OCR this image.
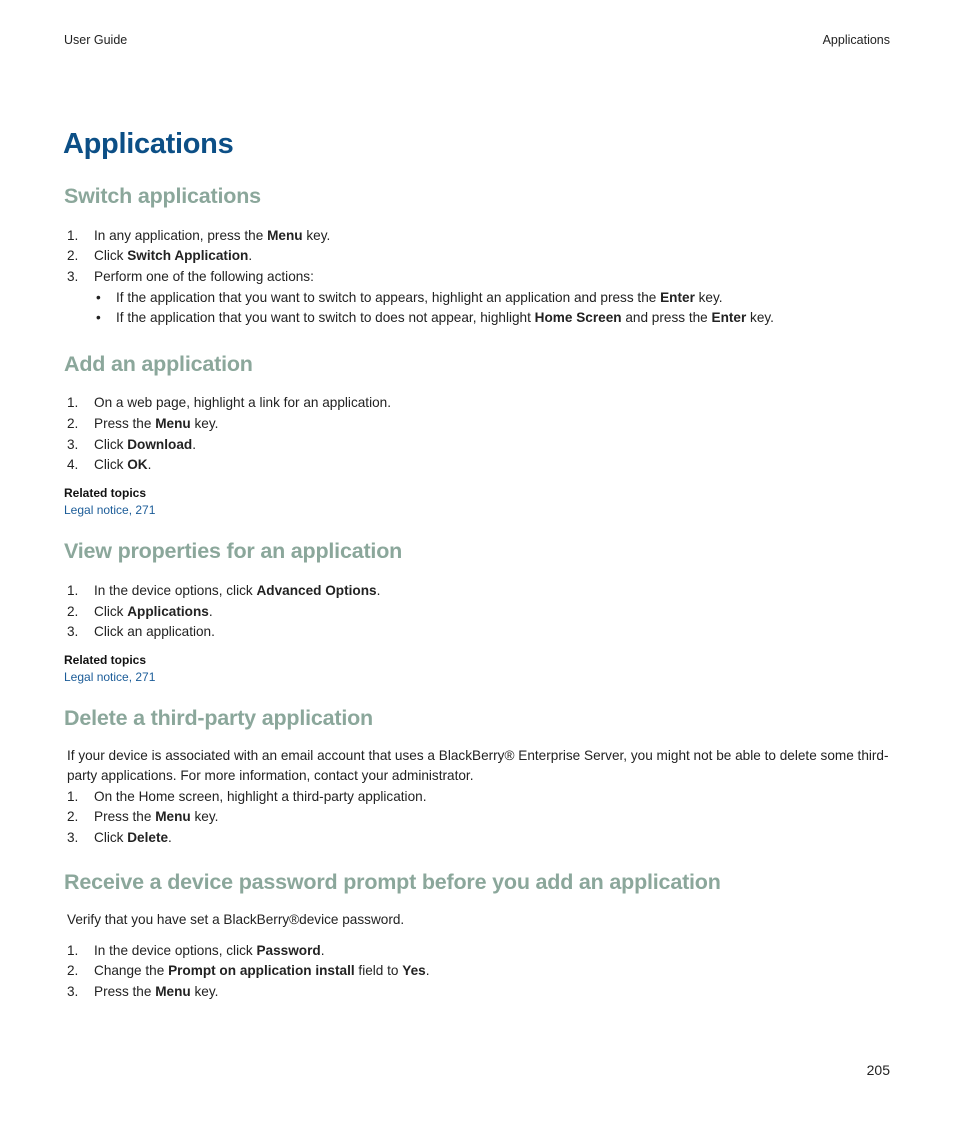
User Guide	Applications
Applications
Switch applications
1. In any application, press the Menu key.
2. Click Switch Application.
3. Perform one of the following actions:
• If the application that you want to switch to appears, highlight an application and press the Enter key.
• If the application that you want to switch to does not appear, highlight Home Screen and press the Enter key.
Add an application
1. On a web page, highlight a link for an application.
2. Press the Menu key.
3. Click Download.
4. Click OK.
Related topics
Legal notice, 271
View properties for an application
1. In the device options, click Advanced Options.
2. Click Applications.
3. Click an application.
Related topics
Legal notice, 271
Delete a third-party application
If your device is associated with an email account that uses a BlackBerry® Enterprise Server, you might not be able to delete some third-
party applications. For more information, contact your administrator.
1. On the Home screen, highlight a third-party application.
2. Press the Menu key.
3. Click Delete.
Receive a device password prompt before you add an application
Verify that you have set a BlackBerry®device password.
1. In the device options, click Password.
2. Change the Prompt on application install field to Yes.
3. Press the Menu key.
205
